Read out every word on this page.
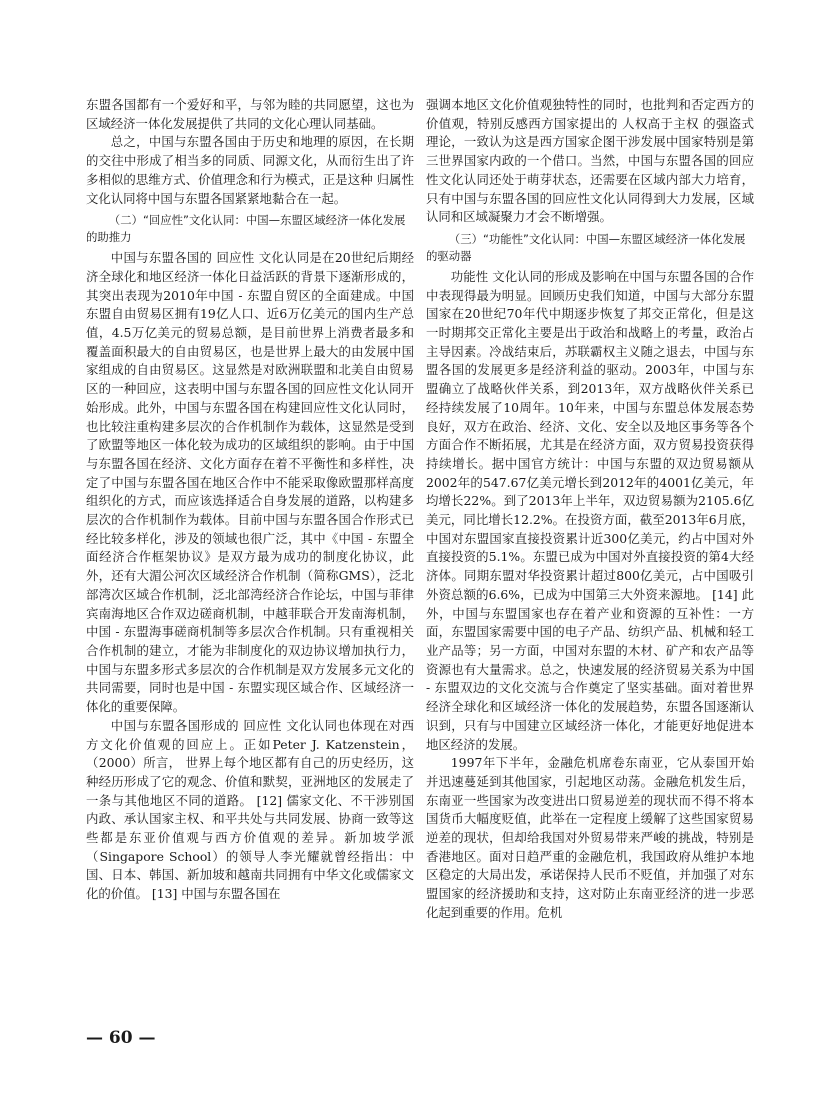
东盟各国都有一个爱好和平，与邻为睦的共同愿望，这也为区域经济一体化发展提供了共同的文化心理认同基础。

总之，中国与东盟各国由于历史和地理的原因，在长期的交往中形成了相当多的同质、同源文化，从而衍生出了许多相似的思维方式、价值理念和行为模式，正是这种 归属性 文化认同将中国与东盟各国紧紧地黏合在一起。

（二）“回应性”文化认同：中国—东盟区域经济一体化发展的助推力

中国与东盟各国的 回应性 文化认同是在20世纪后期经济全球化和地区经济一体化日益活跃的背景下逐渐形成的，其突出表现为2010年中国 - 东盟自贸区的全面建成。中国 东盟自由贸易区拥有19亿人口、近6万亿美元的国内生产总值，4.5万亿美元的贸易总额，是目前世界上消费者最多和覆盖面积最大的自由贸易区，也是世界上最大的由发展中国家组成的自由贸易区。这显然是对欧洲联盟和北美自由贸易区的一种回应，这表明中国与东盟各国的回应性文化认同开始形成。此外，中国与东盟各国在构建回应性文化认同时，也比较注重构建多层次的合作机制作为载体，这显然是受到了欧盟等地区一体化较为成功的区域组织的影响。由于中国与东盟各国在经济、文化方面存在着不平衡性和多样性，决定了中国与东盟各国在地区合作中不能采取像欧盟那样高度组织化的方式，而应该选择适合自身发展的道路，以构建多层次的合作机制作为载体。目前中国与东盟各国合作形式已经比较多样化，涉及的领域也很广泛，其中《中国 - 东盟全面经济合作框架协议》是双方最为成功的制度化协议，此外，还有大湄公河次区域经济合作机制（简称GMS），泛北部湾次区域合作机制，泛北部湾经济合作论坛，中国与菲律宾南海地区合作双边磋商机制，中越菲联合开发南海机制，中国 - 东盟海事磋商机制等多层次合作机制。只有重视相关合作机制的建立，才能为非制度化的双边协议增加执行力，中国与东盟多形式多层次的合作机制是双方发展多元文化的共同需要，同时也是中国 - 东盟实现区域合作、区域经济一体化的重要保障。

中国与东盟各国形成的 回应性 文化认同也体现在对西方文化价值观的回应上。正如Peter J. Katzenstein，（2000）所言， 世界上每个地区都有自己的历史经历，这种经历形成了它的观念、价值和默契，亚洲地区的发展走了一条与其他地区不同的道路。 [12] 儒家文化、不干涉别国内政、承认国家主权、和平共处与共同发展、协商一致等这些都是东亚价值观与西方价值观的差异。新加坡学派（Singapore School）的领导人李光耀就曾经指出：中国、日本、韩国、新加坡和越南共同拥有中华文化或儒家文化的价值。 [13] 中国与东盟各国在

强调本地区文化价值观独特性的同时，也批判和否定西方的价值观，特别反感西方国家提出的 人权高于主权 的强盗式理论，一致认为这是西方国家企图干涉发展中国家特别是第三世界国家内政的一个借口。当然，中国与东盟各国的回应性文化认同还处于萌芽状态，还需要在区域内部大力培育，只有中国与东盟各国的回应性文化认同得到大力发展，区域认同和区域凝聚力才会不断增强。

（三）“功能性”文化认同：中国—东盟区域经济一体化发展的驱动器

功能性 文化认同的形成及影响在中国与东盟各国的合作中表现得最为明显。回顾历史我们知道，中国与大部分东盟国家在20世纪70年代中期逐步恢复了邦交正常化，但是这一时期邦交正常化主要是出于政治和战略上的考量，政治占主导因素。冷战结束后，苏联霸权主义随之退去，中国与东盟各国的发展更多是经济利益的驱动。2003年，中国与东盟确立了战略伙伴关系，到2013年，双方战略伙伴关系已经持续发展了10周年。10年来，中国与东盟总体发展态势良好，双方在政治、经济、文化、安全以及地区事务等各个方面合作不断拓展，尤其是在经济方面，双方贸易投资获得持续增长。据中国官方统计：中国与东盟的双边贸易额从2002年的547.67亿美元增长到2012年的4001亿美元，年均增长22%。到了2013年上半年，双边贸易额为2105.6亿美元，同比增长12.2%。在投资方面，截至2013年6月底，中国对东盟国家直接投资累计近300亿美元，约占中国对外直接投资的5.1%。东盟已成为中国对外直接投资的第4大经济体。同期东盟对华投资累计超过800亿美元，占中国吸引外资总额的6.6%，已成为中国第三大外资来源地。 [14] 此外，中国与东盟国家也存在着产业和资源的互补性：一方面，东盟国家需要中国的电子产品、纺织产品、机械和轻工业产品等；另一方面，中国对东盟的木材、矿产和农产品等资源也有大量需求。总之，快速发展的经济贸易关系为中国 - 东盟双边的文化交流与合作奠定了坚实基础。面对着世界经济全球化和区域经济一体化的发展趋势，东盟各国逐渐认识到，只有与中国建立区域经济一体化，才能更好地促进本地区经济的发展。

1997年下半年，金融危机席卷东南亚，它从泰国开始并迅速蔓延到其他国家，引起地区动荡。金融危机发生后，东南亚一些国家为改变进出口贸易逆差的现状而不得不将本国货币大幅度贬值，此举在一定程度上缓解了这些国家贸易逆差的现状，但却给我国对外贸易带来严峻的挑战，特别是香港地区。面对日趋严重的金融危机，我国政府从维护本地区稳定的大局出发，承诺保持人民币不贬值，并加强了对东盟国家的经济援助和支持，这对防止东南亚经济的进一步恶化起到重要的作用。危机

— 60 —
